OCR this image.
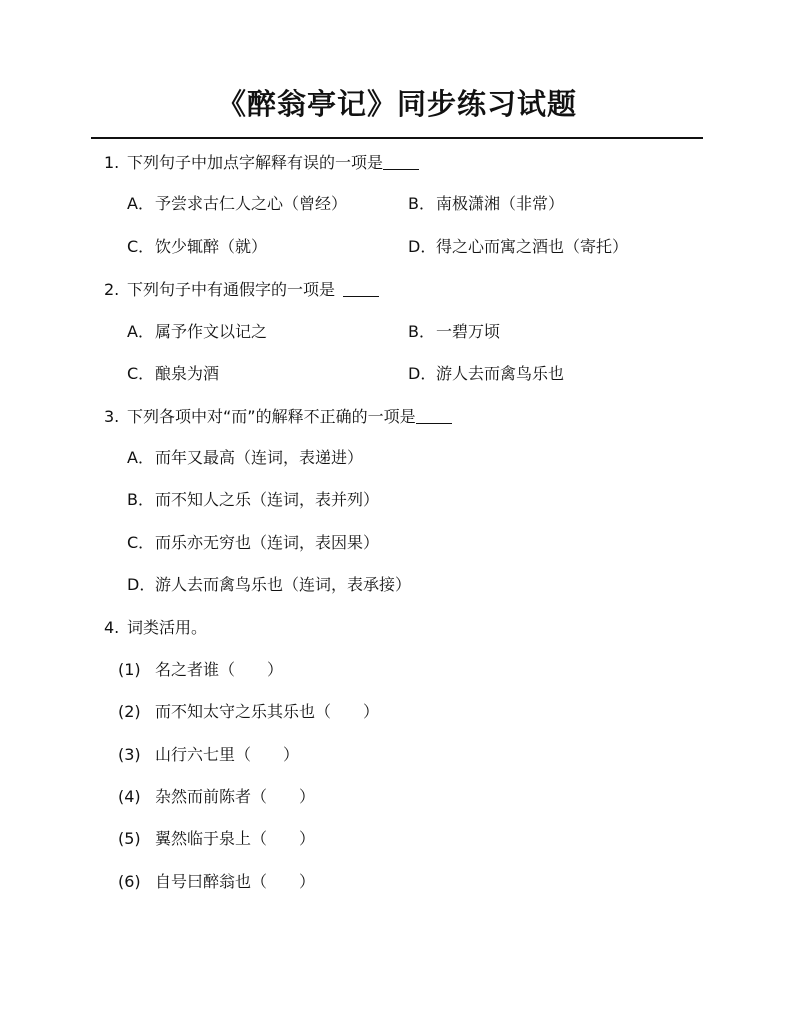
《醉翁亭记》同步练习试题
1. 下列句子中加点字解释有误的一项是
A．予尝求古仁人之心（曾经）	B．南极潇湘（非常）
C．饮少辄醉（就）	D．得之心而寓之酒也（寄托）
2. 下列句子中有通假字的一项是
A．属予作文以记之	B．一碧万顷
C．酿泉为酒	D．游人去而禽鸟乐也
3. 下列各项中对“而”的解释不正确的一项是
A．而年又最高（连词，表递进）
B．而不知人之乐（连词，表并列）
C．而乐亦无穷也（连词，表因果）
D．游人去而禽鸟乐也（连词，表承接）
4. 词类活用。
(1) 名之者谁（　　）
(2) 而不知太守之乐其乐也（　　）
(3) 山行六七里（　　）
(4) 杂然而前陈者（　　）
(5) 翼然临于泉上（　　）
(6) 自号曰醉翁也（　　）
